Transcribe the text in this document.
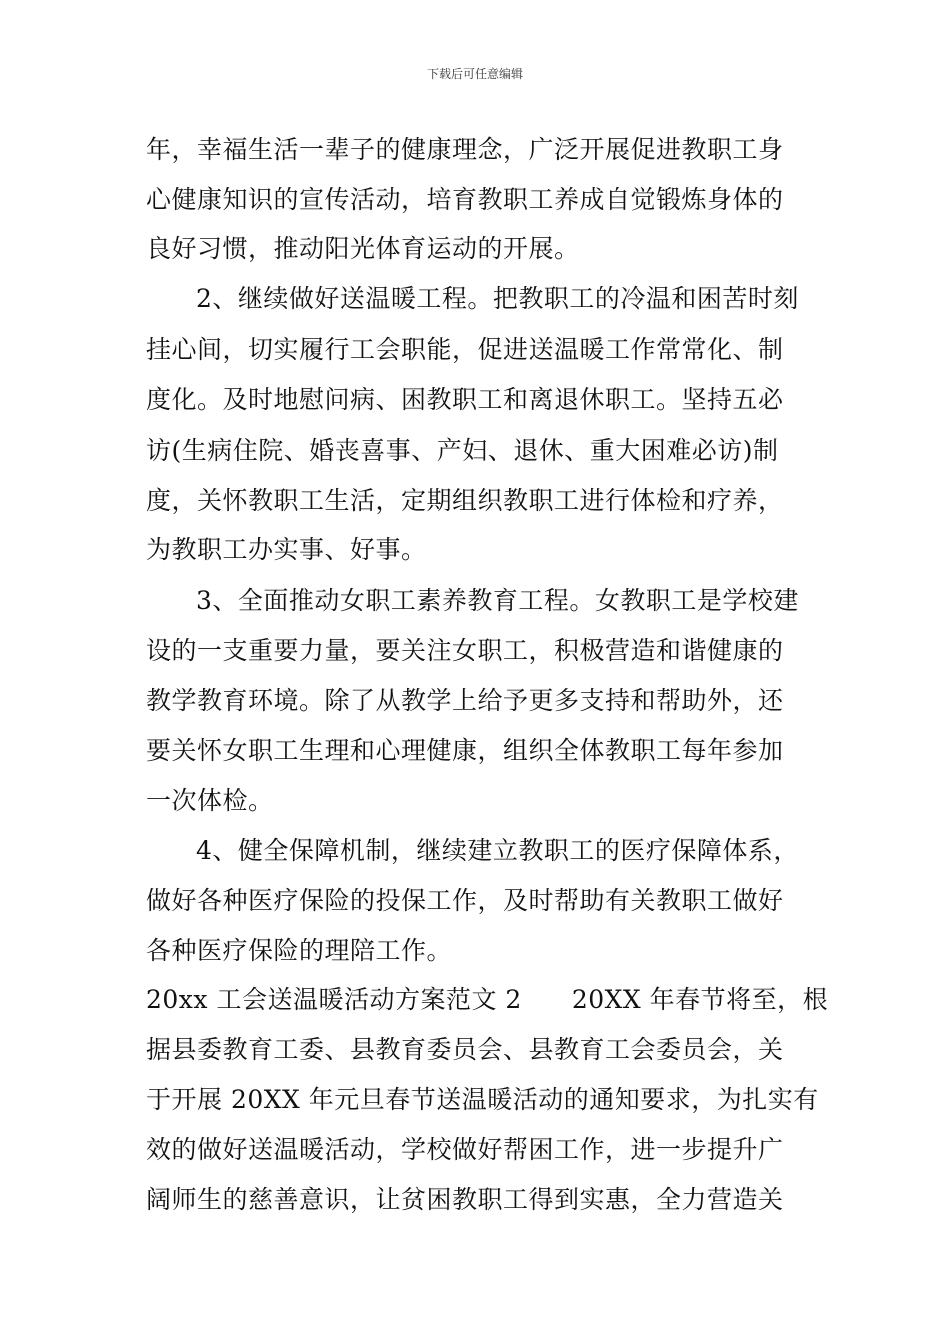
下载后可任意编辑
年，幸福生活一辈子的健康理念，广泛开展促进教职工身
心健康知识的宣传活动，培育教职工养成自觉锻炼身体的
良好习惯，推动阳光体育运动的开展。
2、继续做好送温暖工程。把教职工的冷温和困苦时刻
挂心间，切实履行工会职能，促进送温暖工作常常化、制
度化。及时地慰问病、困教职工和离退休职工。坚持五必
访(生病住院、婚丧喜事、产妇、退休、重大困难必访)制
度，关怀教职工生活，定期组织教职工进行体检和疗养，
为教职工办实事、好事。
3、全面推动女职工素养教育工程。女教职工是学校建
设的一支重要力量，要关注女职工，积极营造和谐健康的
教学教育环境。除了从教学上给予更多支持和帮助外，还
要关怀女职工生理和心理健康，组织全体教职工每年参加
一次体检。
4、健全保障机制，继续建立教职工的医疗保障体系，
做好各种医疗保险的投保工作，及时帮助有关教职工做好
各种医疗保险的理陪工作。
20xx 工会送温暖活动方案范文 2 20XX 年春节将至，根
据县委教育工委、县教育委员会、县教育工会委员会，关
于开展 20XX 年元旦春节送温暖活动的通知要求，为扎实有
效的做好送温暖活动，学校做好帮困工作，进一步提升广
阔师生的慈善意识，让贫困教职工得到实惠，全力营造关
